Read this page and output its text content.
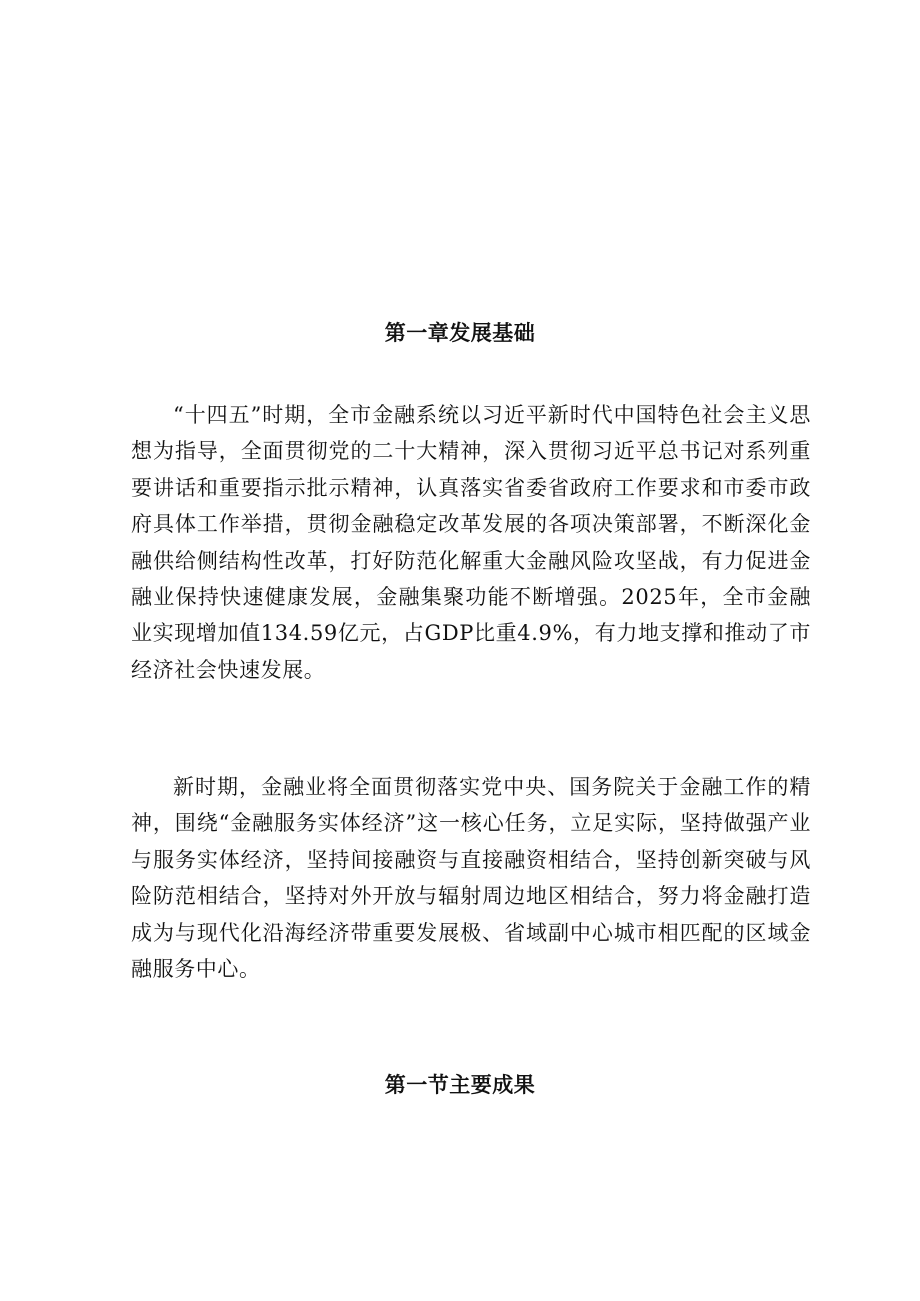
第一章发展基础

“十四五”时期，全市金融系统以习近平新时代中国特色社会主义思想为指导，全面贯彻党的二十大精神，深入贯彻习近平总书记对系列重要讲话和重要指示批示精神，认真落实省委省政府工作要求和市委市政府具体工作举措，贯彻金融稳定改革发展的各项决策部署，不断深化金融供给侧结构性改革，打好防范化解重大金融风险攻坚战，有力促进金融业保持快速健康发展，金融集聚功能不断增强。2025年，全市金融业实现增加值134.59亿元，占GDP比重4.9%，有力地支撑和推动了市经济社会快速发展。

新时期，金融业将全面贯彻落实党中央、国务院关于金融工作的精神，围绕“金融服务实体经济”这一核心任务，立足实际，坚持做强产业与服务实体经济，坚持间接融资与直接融资相结合，坚持创新突破与风险防范相结合，坚持对外开放与辐射周边地区相结合，努力将金融打造成为与现代化沿海经济带重要发展极、省域副中心城市相匹配的区域金融服务中心。

第一节主要成果
